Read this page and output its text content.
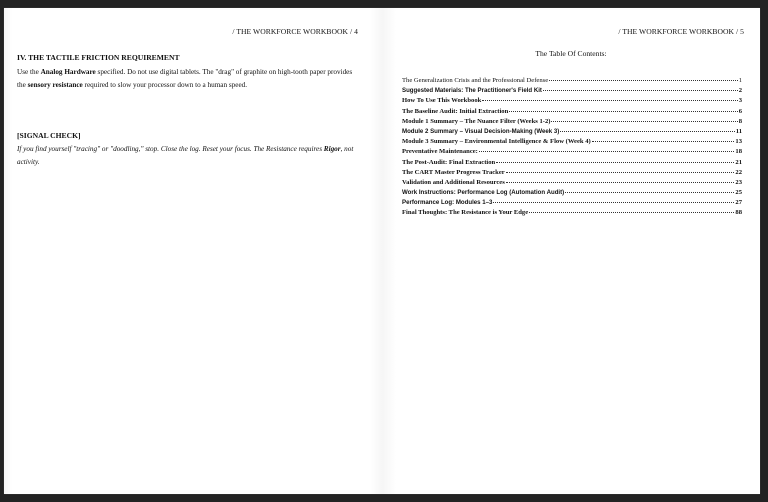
/ THE WORKFORCE WORKBOOK / 4
IV. THE TACTILE FRICTION REQUIREMENT

Use the Analog Hardware specified. Do not use digital tablets. The "drag" of graphite on high-tooth paper provides the sensory resistance required to slow your processor down to a human speed.

[SIGNAL CHECK]

If you find yourself "tracing" or "doodling," stop. Close the log. Reset your focus. The Resistance requires Rigor, not activity.

/ THE WORKFORCE WORKBOOK / 5
The Table Of Contents:
The Generalization Crisis and the Professional Defense	1
Suggested Materials: The Practitioner's Field Kit	2
How To Use This Workbook	3
The Baseline Audit: Initial Extraction	6
Module 1 Summary – The Nuance Filter (Weeks 1-2)	8
Module 2 Summary – Visual Decision-Making (Week 3)	11
Module 3 Summary – Environmental Intelligence & Flow (Week 4)	13
Preventative Maintenance:	18
The Post-Audit: Final Extraction	21
The CART Master Progress Tracker	22
Validation and Additional Resources	23
Work Instructions: Performance Log (Automation Audit)	25
Performance Log: Modules 1–3	27
Final Thoughts: The Resistance is Your Edge	88
